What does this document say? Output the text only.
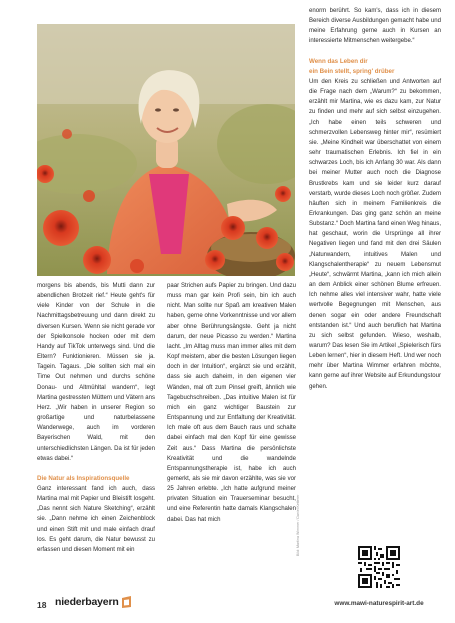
morgens bis abends, bis Mutti dann zur abendlichen Brotzeit rief.“ Heute geht's für viele Kinder von der Schule in die Nachmittagsbetreuung und dann direkt zu diversen Kursen. Wenn sie nicht gerade vor der Spielkonsole hocken oder mit dem Handy auf TikTok unterwegs sind. Und die Eltern? Funktionieren. Müssen sie ja. Tagein. Tagaus. „Die sollten sich mal ein Time Out nehmen und durchs schöne Donau- und Altmühltal wandern“, legt Martina gestressten Müttern und Vätern ans Herz. „Wir haben in unserer Region so großartige und naturbelassene Wanderwege, auch im vorderen Bayerischen Wald, mit den unterschiedlichsten Längen. Da ist für jeden etwas dabei.“

Die Natur als Inspirationsquelle

Ganz interessant fand ich auch, dass Martina mal mit Papier und Bleistift losgeht. „Das nennt sich Nature Sketching“, erzählt sie. „Dann nehme ich einen Zeichenblock und einen Stift mit und male einfach drauf los. Es geht darum, die Natur bewusst zu erfassen und diesen Moment mit ein

paar Strichen aufs Papier zu bringen. Und dazu muss man gar kein Profi sein, bin ich auch nicht. Man sollte nur Spaß am kreativen Malen haben, gerne ohne Vorkenntnisse und vor allem aber ohne Berührungsängste. Geht ja nicht darum, der neue Picasso zu werden.“ Martina lacht. „Im Alltag muss man immer alles mit dem Kopf meistern, aber die besten Lösungen liegen doch in der Intuition“, ergänzt sie und erzählt, dass sie auch daheim, in den eigenen vier Wänden, mal oft zum Pinsel greift, ähnlich wie Tagebuchschreiben. „Das intuitive Malen ist für mich ein ganz wichtiger Baustein zur Entspannung und zur Entfaltung der Kreativität. Ich male oft aus dem Bauch raus und schalte dabei einfach mal den Kopf für eine gewisse Zeit aus.“ Dass Martina die persönlichste Kreativität und die wandelnde Entspannungstherapie ist, habe ich auch gemerkt, als sie mir davon erzählte, was sie vor 25 Jahren erlebte. „Ich hatte aufgrund meiner privaten Situation ein Trauerseminar besucht, und eine Referentin hatte damals Klangschalen dabei. Das hat mich

enorm berührt. So kam's, dass ich in diesem Bereich diverse Ausbildungen gemacht habe und meine Erfahrung gerne auch in Kursen an interessierte Mitmenschen weitergebe.“

Wenn das Leben dir

ein Bein stellt, spring' drüber

Um den Kreis zu schließen und Antworten auf die Frage nach dem „Warum?“ zu bekommen, erzählt mir Martina, wie es dazu kam, zur Natur zu finden und mehr auf sich selbst einzugehen. „Ich habe einen teils schweren und schmerzvollen Lebensweg hinter mir“, resümiert sie. „Meine Kindheit war überschattet von einem sehr traumatischen Erlebnis. Ich fiel in ein schwarzes Loch, bis ich Anfang 30 war. Als dann bei meiner Mutter auch noch die Diagnose Brustkrebs kam und sie leider kurz darauf verstarb, wurde dieses Loch noch größer. Zudem häuften sich in meinem Familienkreis die Erkrankungen. Das ging ganz schön an meine Substanz.“ Doch Martina fand einen Weg hinaus, hat geschaut, worin die Ursprünge all ihrer Negativen liegen und fand mit den drei Säulen „Naturwandern, intuitives Malen und Klangschalentherapie“ zu neuem Lebensmut „Heute“, schwärmt Martina, „kann ich mich allein an dem Anblick einer schönen Blume erfreuen. Ich nehme alles viel intensiver wahr, hatte viele wertvolle Begegnungen mit Menschen, aus denen sogar ein oder andere Freundschaft entstanden ist.“ Und auch beruflich hat Martina zu sich selbst gefunden. Wieso, weshalb, warum? Das lesen Sie im Artikel „Spielerisch fürs Leben lernen“, hier in diesem Heft. Und wer noch mehr über Martina Wimmer erfahren möchte, kann gerne auf ihrer Website auf Erkundungstour gehen.

Bild: Martina Wimmer / Daniel Ketterer
www.mawi-naturespirit-art.de
18 niederbayern
